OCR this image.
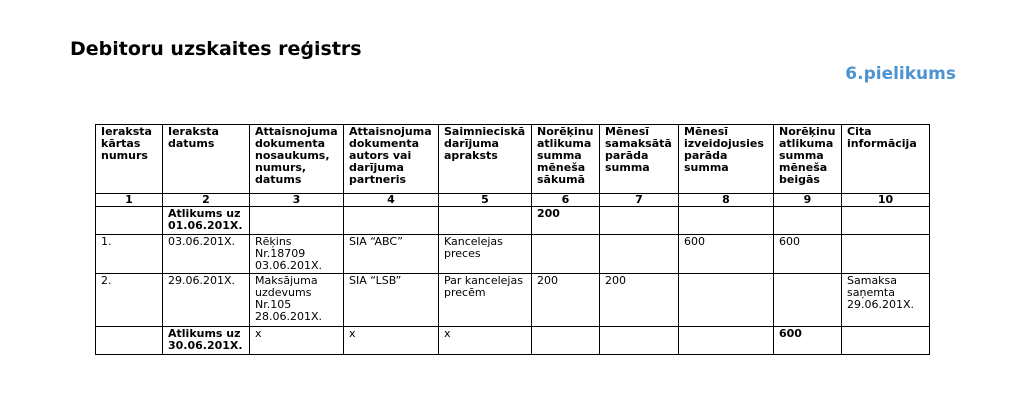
Debitoru uzskaites reģistrs
6.pielikums
Ieraksta kārtas numurs	Ieraksta datums	Attaisnojuma dokumenta nosaukums, numurs, datums	Attaisnojuma dokumenta autors vai darījuma partneris	Saimnieciskā darījuma apraksts	Norēķinu atlikuma summa mēneša sākumā	Mēnesī samaksātā parāda summa	Mēnesī izveidojusies parāda summa	Norēķinu atlikuma summa mēneša beigās	Cita informācija
1	2	3	4	5	6	7	8	9	10
	Atlikums uz 01.06.201X.				200				
1.	03.06.201X.	Rēķins Nr.18709 03.06.201X.	SIA “ABC”	Kancelejas preces			600	600	
2.	29.06.201X.	Maksājuma uzdevums Nr.105 28.06.201X.	SIA “LSB”	Par kancelejas precēm	200	200			Samaksa saņemta 29.06.201X.
	Atlikums uz 30.06.201X.	x	x	x				600	
